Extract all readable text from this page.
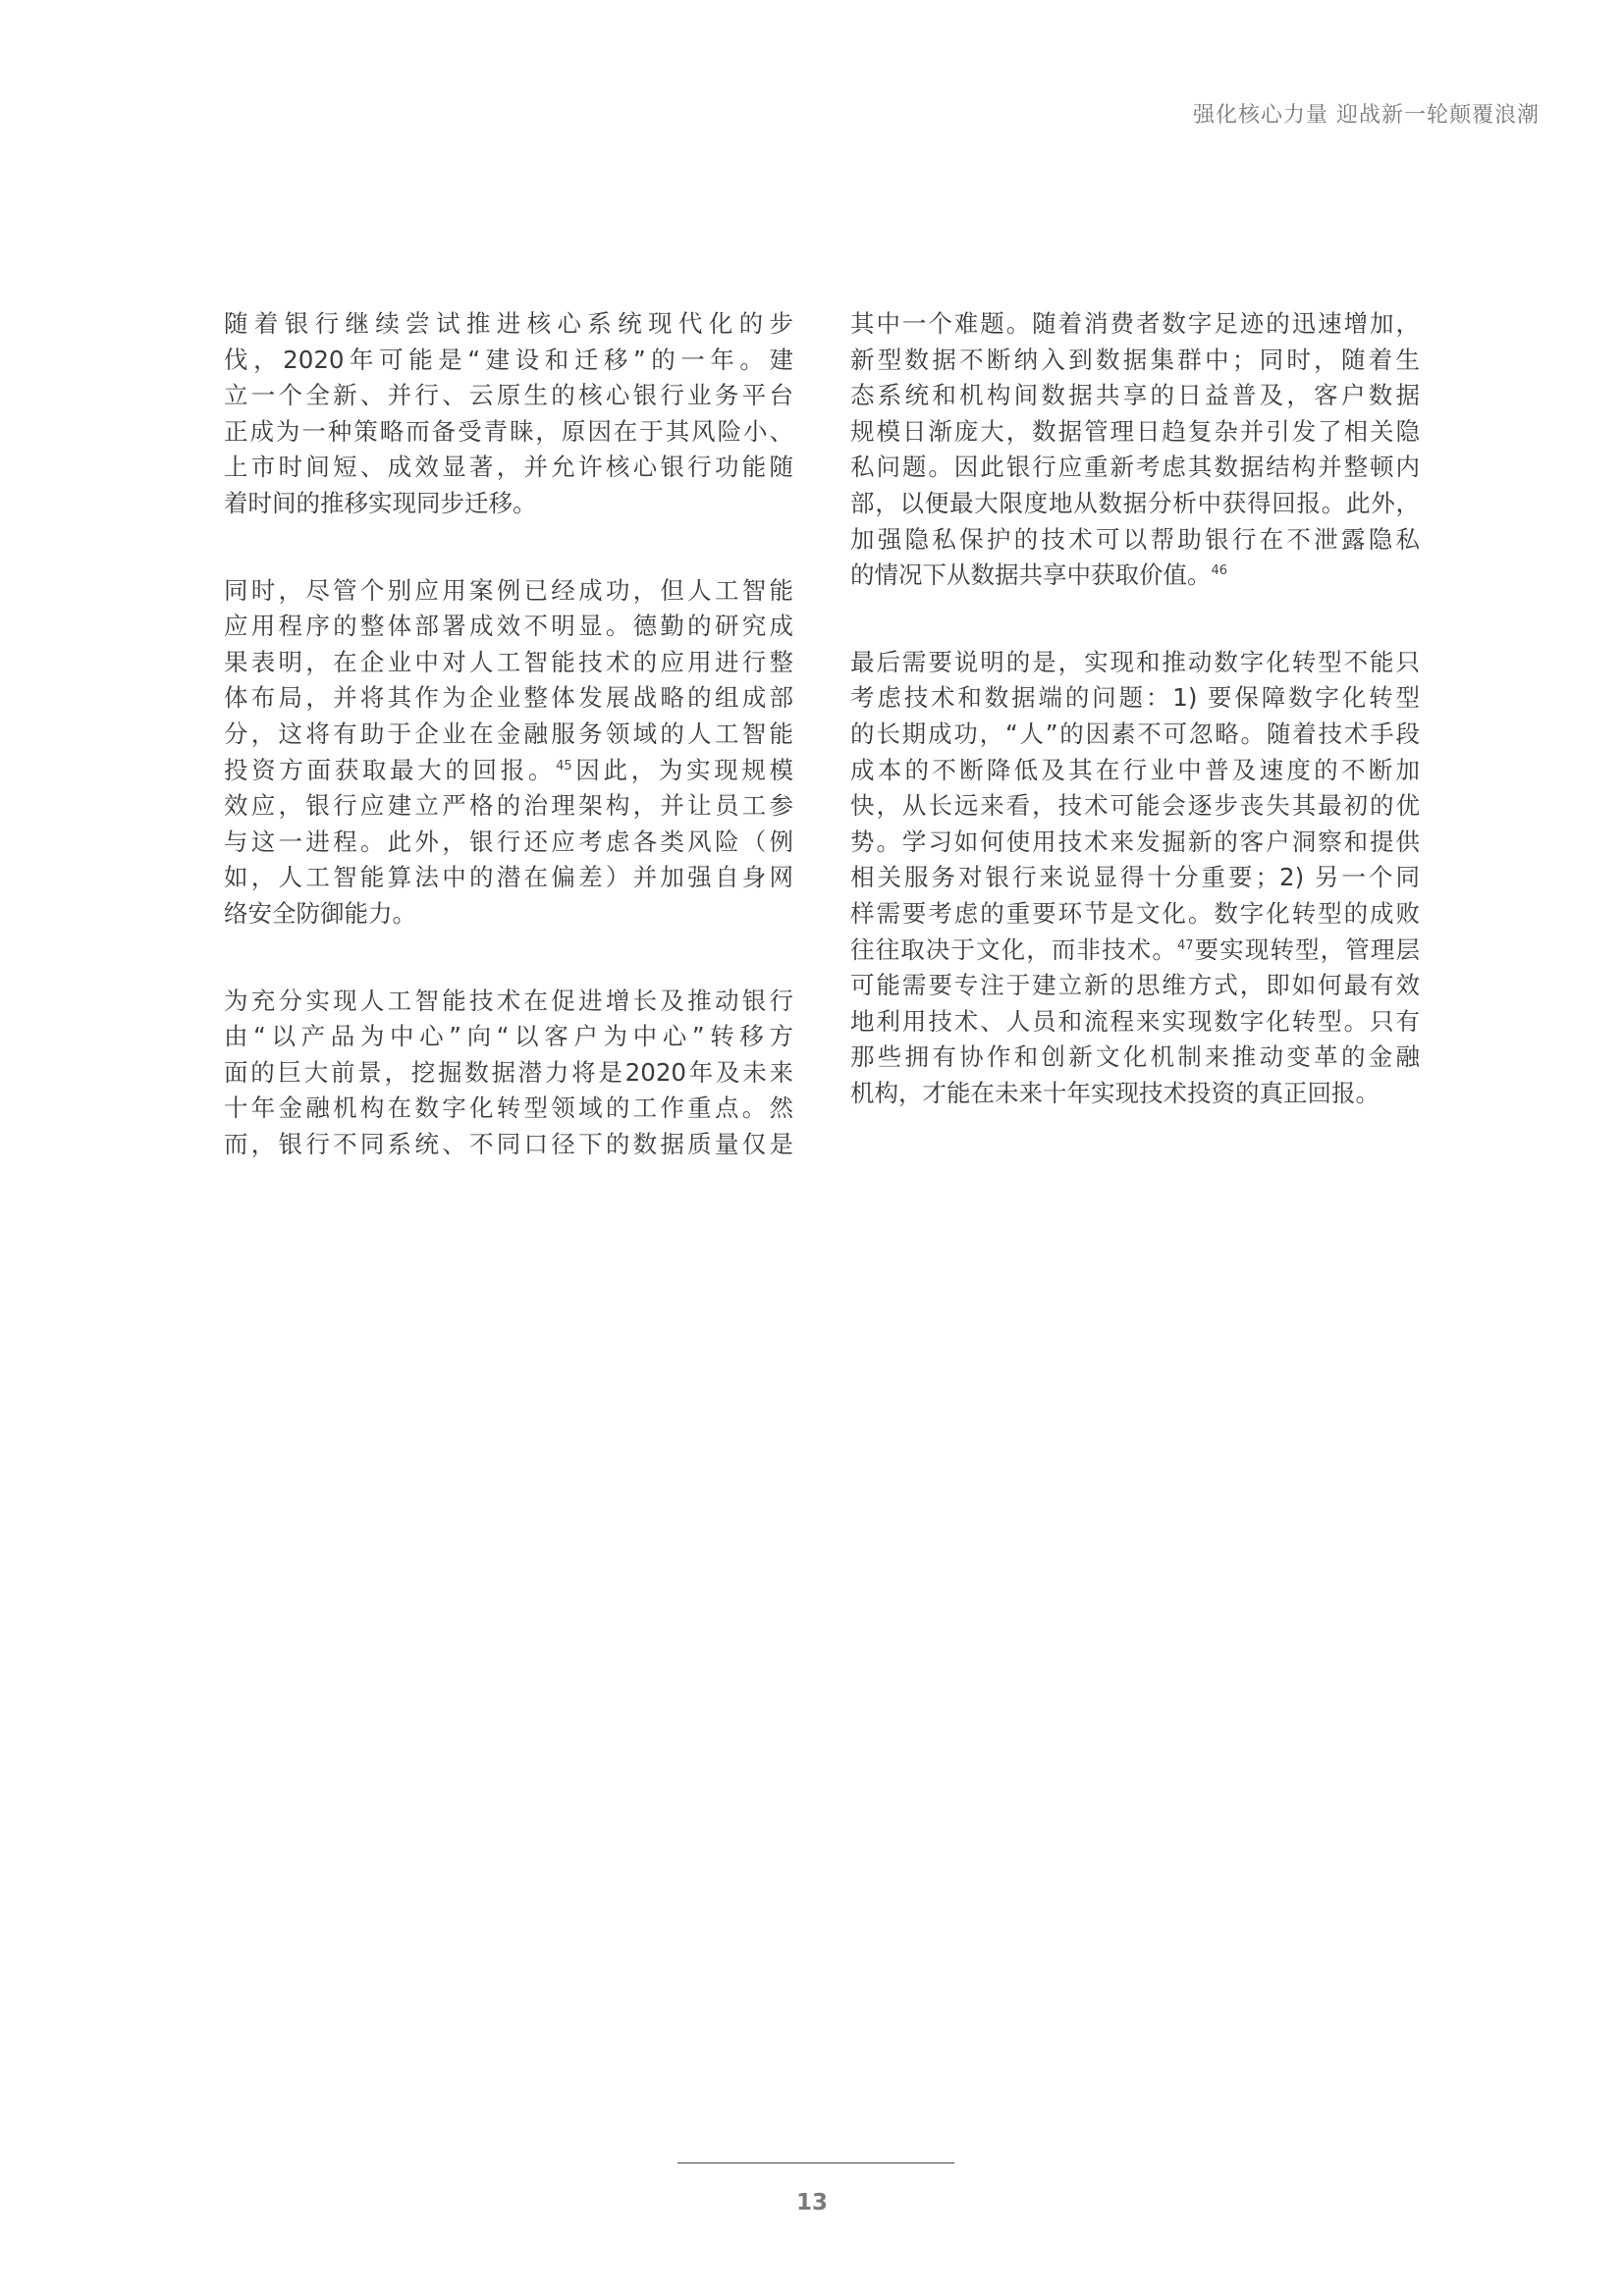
强化核心力量 迎战新一轮颠覆浪潮
随着银行继续尝试推进核心系统现代化的步
伐，2020年可能是“建设和迁移”的一年。建
立一个全新、并行、云原生的核心银行业务平台
正成为一种策略而备受青睐，原因在于其风险小、
上市时间短、成效显著，并允许核心银行功能随
着时间的推移实现同步迁移。
同时，尽管个别应用案例已经成功，但人工智能
应用程序的整体部署成效不明显。德勤的研究成
果表明，在企业中对人工智能技术的应用进行整
体布局，并将其作为企业整体发展战略的组成部
分，这将有助于企业在金融服务领域的人工智能
投资方面获取最大的回报。$^{45}$因此，为实现规模
效应，银行应建立严格的治理架构，并让员工参
与这一进程。此外，银行还应考虑各类风险（例
如，人工智能算法中的潜在偏差）并加强自身网
络安全防御能力。
为充分实现人工智能技术在促进增长及推动银行
由“以产品为中心”向“以客户为中心”转移方
面的巨大前景，挖掘数据潜力将是2020年及未来
十年金融机构在数字化转型领域的工作重点。然
而，银行不同系统、不同口径下的数据质量仅是
其中一个难题。随着消费者数字足迹的迅速增加，
新型数据不断纳入到数据集群中；同时，随着生
态系统和机构间数据共享的日益普及，客户数据
规模日渐庞大，数据管理日趋复杂并引发了相关隐
私问题。因此银行应重新考虑其数据结构并整顿内
部，以便最大限度地从数据分析中获得回报。此外，
加强隐私保护的技术可以帮助银行在不泄露隐私
的情况下从数据共享中获取价值。$^{46}$
最后需要说明的是，实现和推动数字化转型不能只
考虑技术和数据端的问题：1) 要保障数字化转型
的长期成功，“人”的因素不可忽略。随着技术手段
成本的不断降低及其在行业中普及速度的不断加
快，从长远来看，技术可能会逐步丧失其最初的优
势。学习如何使用技术来发掘新的客户洞察和提供
相关服务对银行来说显得十分重要；2) 另一个同
样需要考虑的重要环节是文化。数字化转型的成败
往往取决于文化，而非技术。$^{47}$要实现转型，管理层
可能需要专注于建立新的思维方式，即如何最有效
地利用技术、人员和流程来实现数字化转型。只有
那些拥有协作和创新文化机制来推动变革的金融
机构，才能在未来十年实现技术投资的真正回报。
13
